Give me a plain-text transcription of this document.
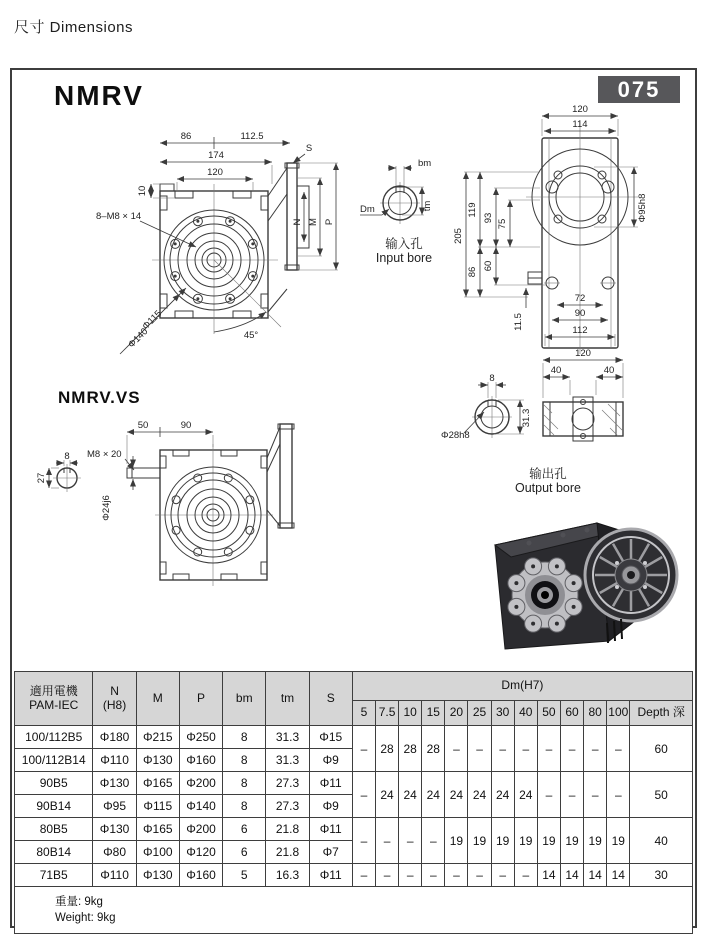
尺寸 Dimensions
NMRV	075
86	112.5
174
120
10
8–M8 × 14
Φ115
Φ140	45°
S
N M P
bm
Dm	tm
输入孔
Input bore
120
114
205
119
93
75
86
60
11.5
Φ95h8
72
90
112
8
Φ28h8
31.3
120
40	40
输出孔
Output bore
NMRV.VS
50	90
M8 × 20
Φ24j6
8
27
適用電機
PAM-IEC

N
(H8)	M	P	bm	tm	S	Dm(H7)
							5	7.5	10	15	20	25	30	40	50	60	80	100	Depth 深
100/112B5	Φ180	Φ215	Φ250	8	31.3	Φ15	–	28	28	28	–	–	–	–	–	–	–	–	60
100/112B14	Φ110	Φ130	Φ160	8	31.3	Φ9													
90B5	Φ130	Φ165	Φ200	8	27.3	Φ11	–	24	24	24	24	24	24	24	–	–	–	–	50
90B14	Φ95	Φ115	Φ140	8	27.3	Φ9													
80B5	Φ130	Φ165	Φ200	6	21.8	Φ11	–	–	–	–	19	19	19	19	19	19	19	19	40
80B14	Φ80	Φ100	Φ120	6	21.8	Φ7													
71B5	Φ110	Φ130	Φ160	5	16.3	Φ11	–	–	–	–	–	–	–	–	14	14	14	14	30

重量: 9kg
Weight: 9kg																			
